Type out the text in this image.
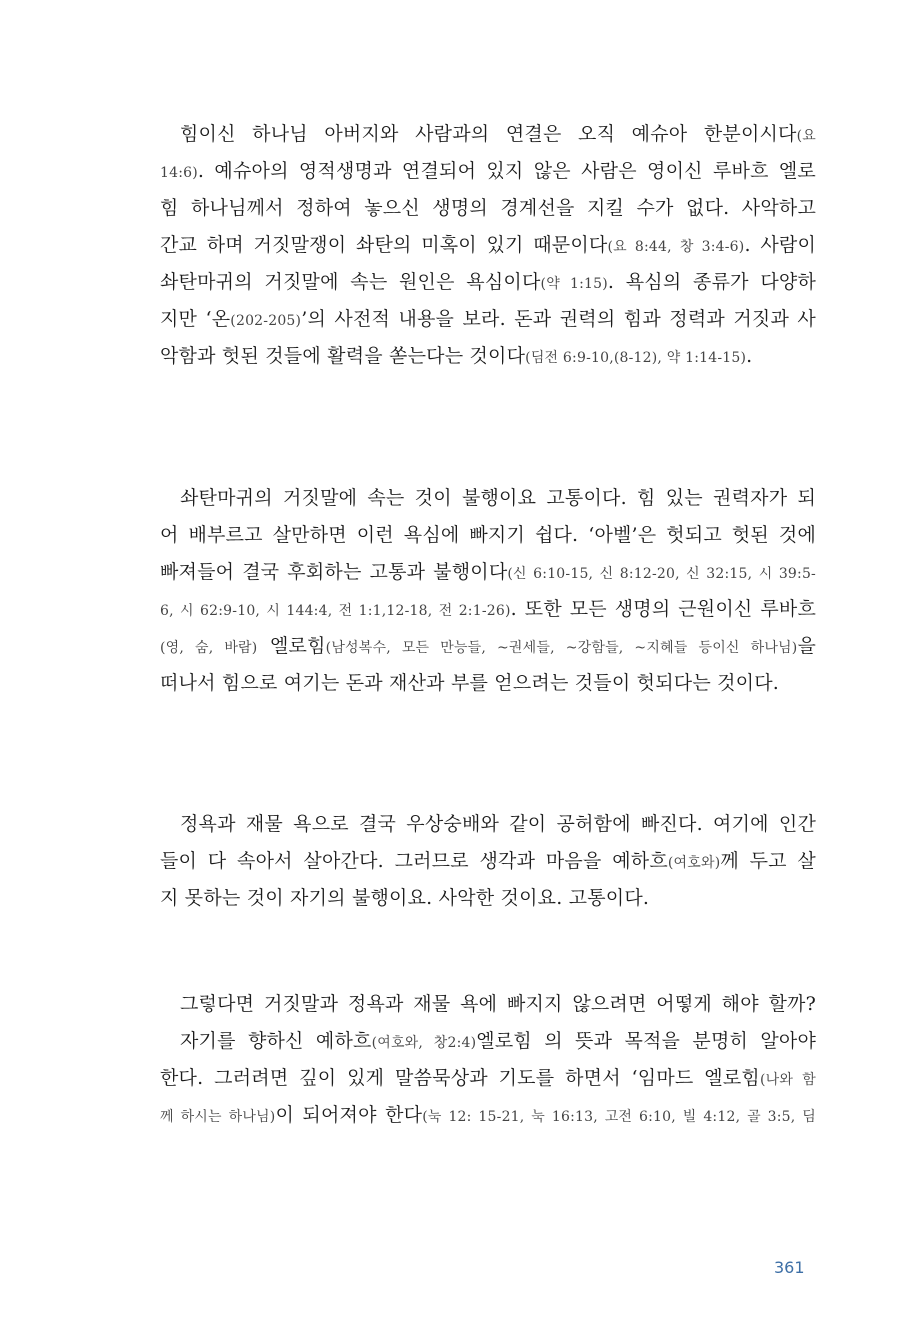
힘이신 하나님 아버지와 사람과의 연결은 오직 예슈아 한분이시다(요
14:6). 예슈아의 영적생명과 연결되어 있지 않은 사람은 영이신 루바흐 엘로
힘 하나님께서 정하여 놓으신 생명의 경계선을 지킬 수가 없다. 사악하고
간교 하며 거짓말쟁이 솨탄의 미혹이 있기 때문이다(요 8:44, 창 3:4-6). 사람이
솨탄마귀의 거짓말에 속는 원인은 욕심이다(약 1:15). 욕심의 종류가 다양하
지만 ‘온(202-205)’의 사전적 내용을 보라. 돈과 권력의 힘과 정력과 거짓과 사
악함과 헛된 것들에 활력을 쏟는다는 것이다(딤전 6:9-10,(8-12), 약 1:14-15).
솨탄마귀의 거짓말에 속는 것이 불행이요 고통이다. 힘 있는 권력자가 되
어 배부르고 살만하면 이런 욕심에 빠지기 쉽다. ‘아벨’은 헛되고 헛된 것에
빠져들어 결국 후회하는 고통과 불행이다(신 6:10-15, 신 8:12-20, 신 32:15, 시 39:5-
6, 시 62:9-10, 시 144:4, 전 1:1,12-18, 전 2:1-26). 또한 모든 생명의 근원이신 루바흐
(영, 숨, 바람) 엘로힘(남성복수, 모든 만능들, ~권세들, ~강함들, ~지혜들 등이신 하나님)을
떠나서 힘으로 여기는 돈과 재산과 부를 얻으려는 것들이 헛되다는 것이다.
정욕과 재물 욕으로 결국 우상숭배와 같이 공허함에 빠진다. 여기에 인간
들이 다 속아서 살아간다. 그러므로 생각과 마음을 예하흐(여호와)께 두고 살
지 못하는 것이 자기의 불행이요. 사악한 것이요. 고통이다.
그렇다면 거짓말과 정욕과 재물 욕에 빠지지 않으려면 어떻게 해야 할까?
자기를 향하신 예하흐(여호와, 창2:4)엘로힘 의 뜻과 목적을 분명히 알아야
한다. 그러려면 깊이 있게 말씀묵상과 기도를 하면서 ‘임마드 엘로힘(나와 함
께 하시는 하나님)이 되어져야 한다(눅 12: 15-21, 눅 16:13, 고전 6:10, 빌 4:12, 골 3:5, 딤
361
